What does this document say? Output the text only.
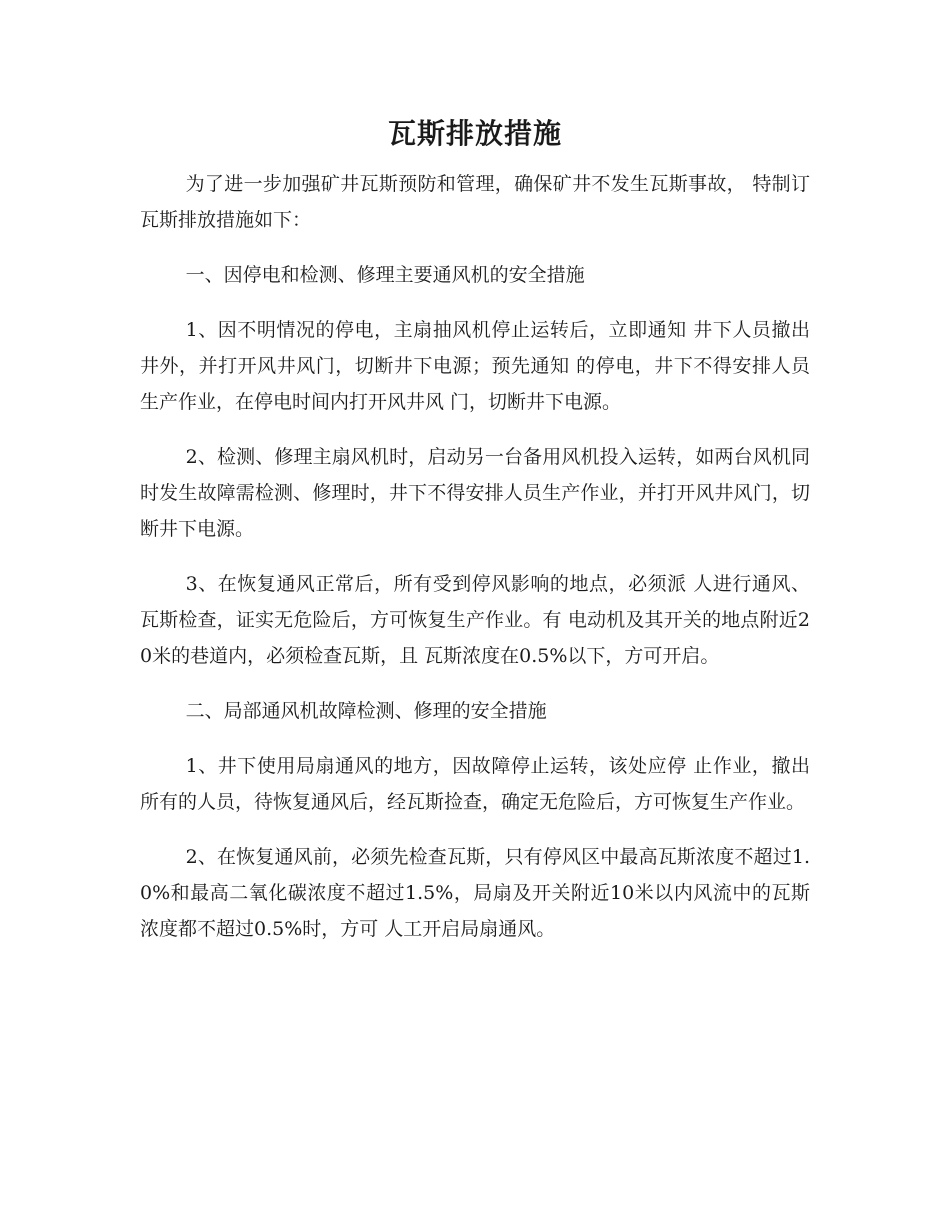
瓦斯排放措施

为了进一步加强矿井瓦斯预防和管理，确保矿井不发生瓦斯事故， 特制订瓦斯排放措施如下：

一、因停电和检测、修理主要通风机的安全措施

1、因不明情况的停电，主扇抽风机停止运转后，立即通知 井下人员撤出井外，并打开风井风门，切断井下电源；预先通知 的停电，井下不得安排人员生产作业，在停电时间内打开风井风 门，切断井下电源。

2、检测、修理主扇风机时，启动另一台备用风机投入运转，如两台风机同时发生故障需检测、修理时，井下不得安排人员生产作业，并打开风井风门，切断井下电源。

3、在恢复通风正常后，所有受到停风影响的地点，必须派 人进行通风、瓦斯检查，证实无危险后，方可恢复生产作业。有 电动机及其开关的地点附近20米的巷道内，必须检查瓦斯，且 瓦斯浓度在0.5%以下，方可开启。

二、局部通风机故障检测、修理的安全措施

1、井下使用局扇通风的地方，因故障停止运转，该处应停 止作业，撤出所有的人员，待恢复通风后，经瓦斯捡查，确定无危险后，方可恢复生产作业。

2、在恢复通风前，必须先检查瓦斯，只有停风区中最高瓦斯浓度不超过1.0%和最高二氧化碳浓度不超过1.5%，局扇及开关附近10米以内风流中的瓦斯浓度都不超过0.5%时，方可 人工开启局扇通风。
